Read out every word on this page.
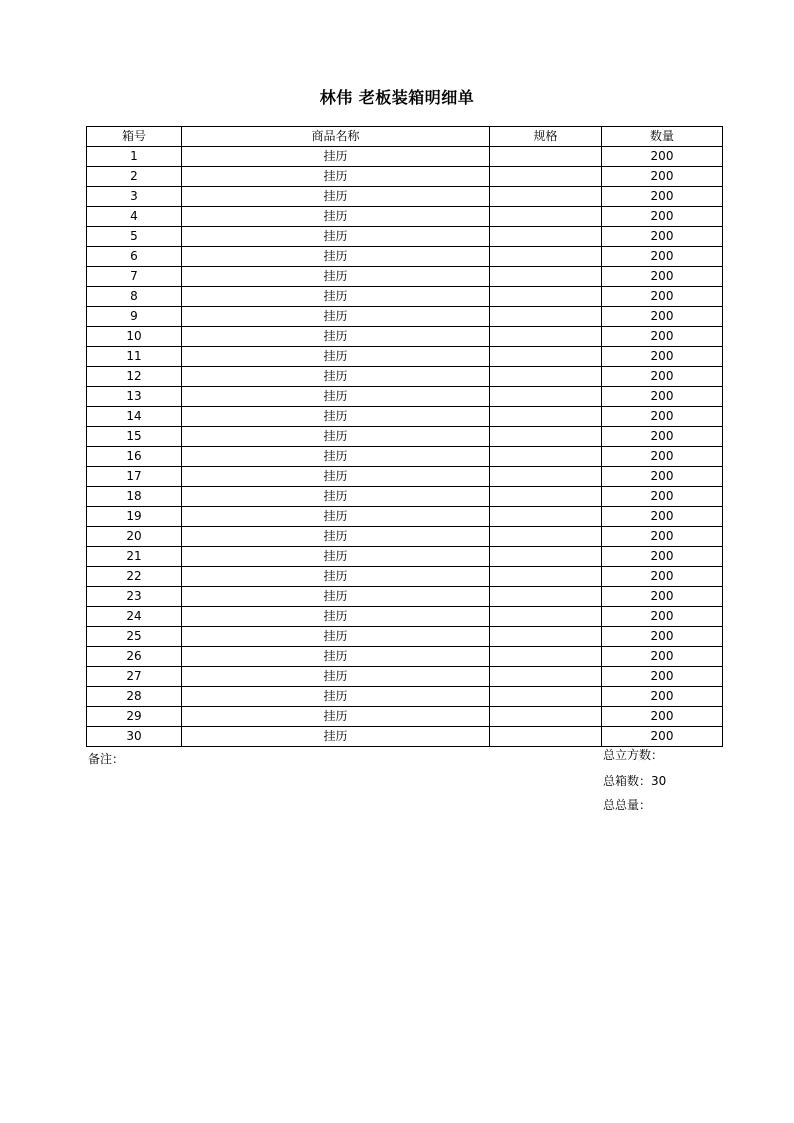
林伟 老板装箱明细单
箱号	商品名称	规格	数量
1	挂历		200
2	挂历		200
3	挂历		200
4	挂历		200
5	挂历		200
6	挂历		200
7	挂历		200
8	挂历		200
9	挂历		200
10	挂历		200
11	挂历		200
12	挂历		200
13	挂历		200
14	挂历		200
15	挂历		200
16	挂历		200
17	挂历		200
18	挂历		200
19	挂历		200
20	挂历		200
21	挂历		200
22	挂历		200
23	挂历		200
24	挂历		200
25	挂历		200
26	挂历		200
27	挂历		200
28	挂历		200
29	挂历		200
30	挂历		200
备注：	总立方数：
总箱数：30
总总量：
